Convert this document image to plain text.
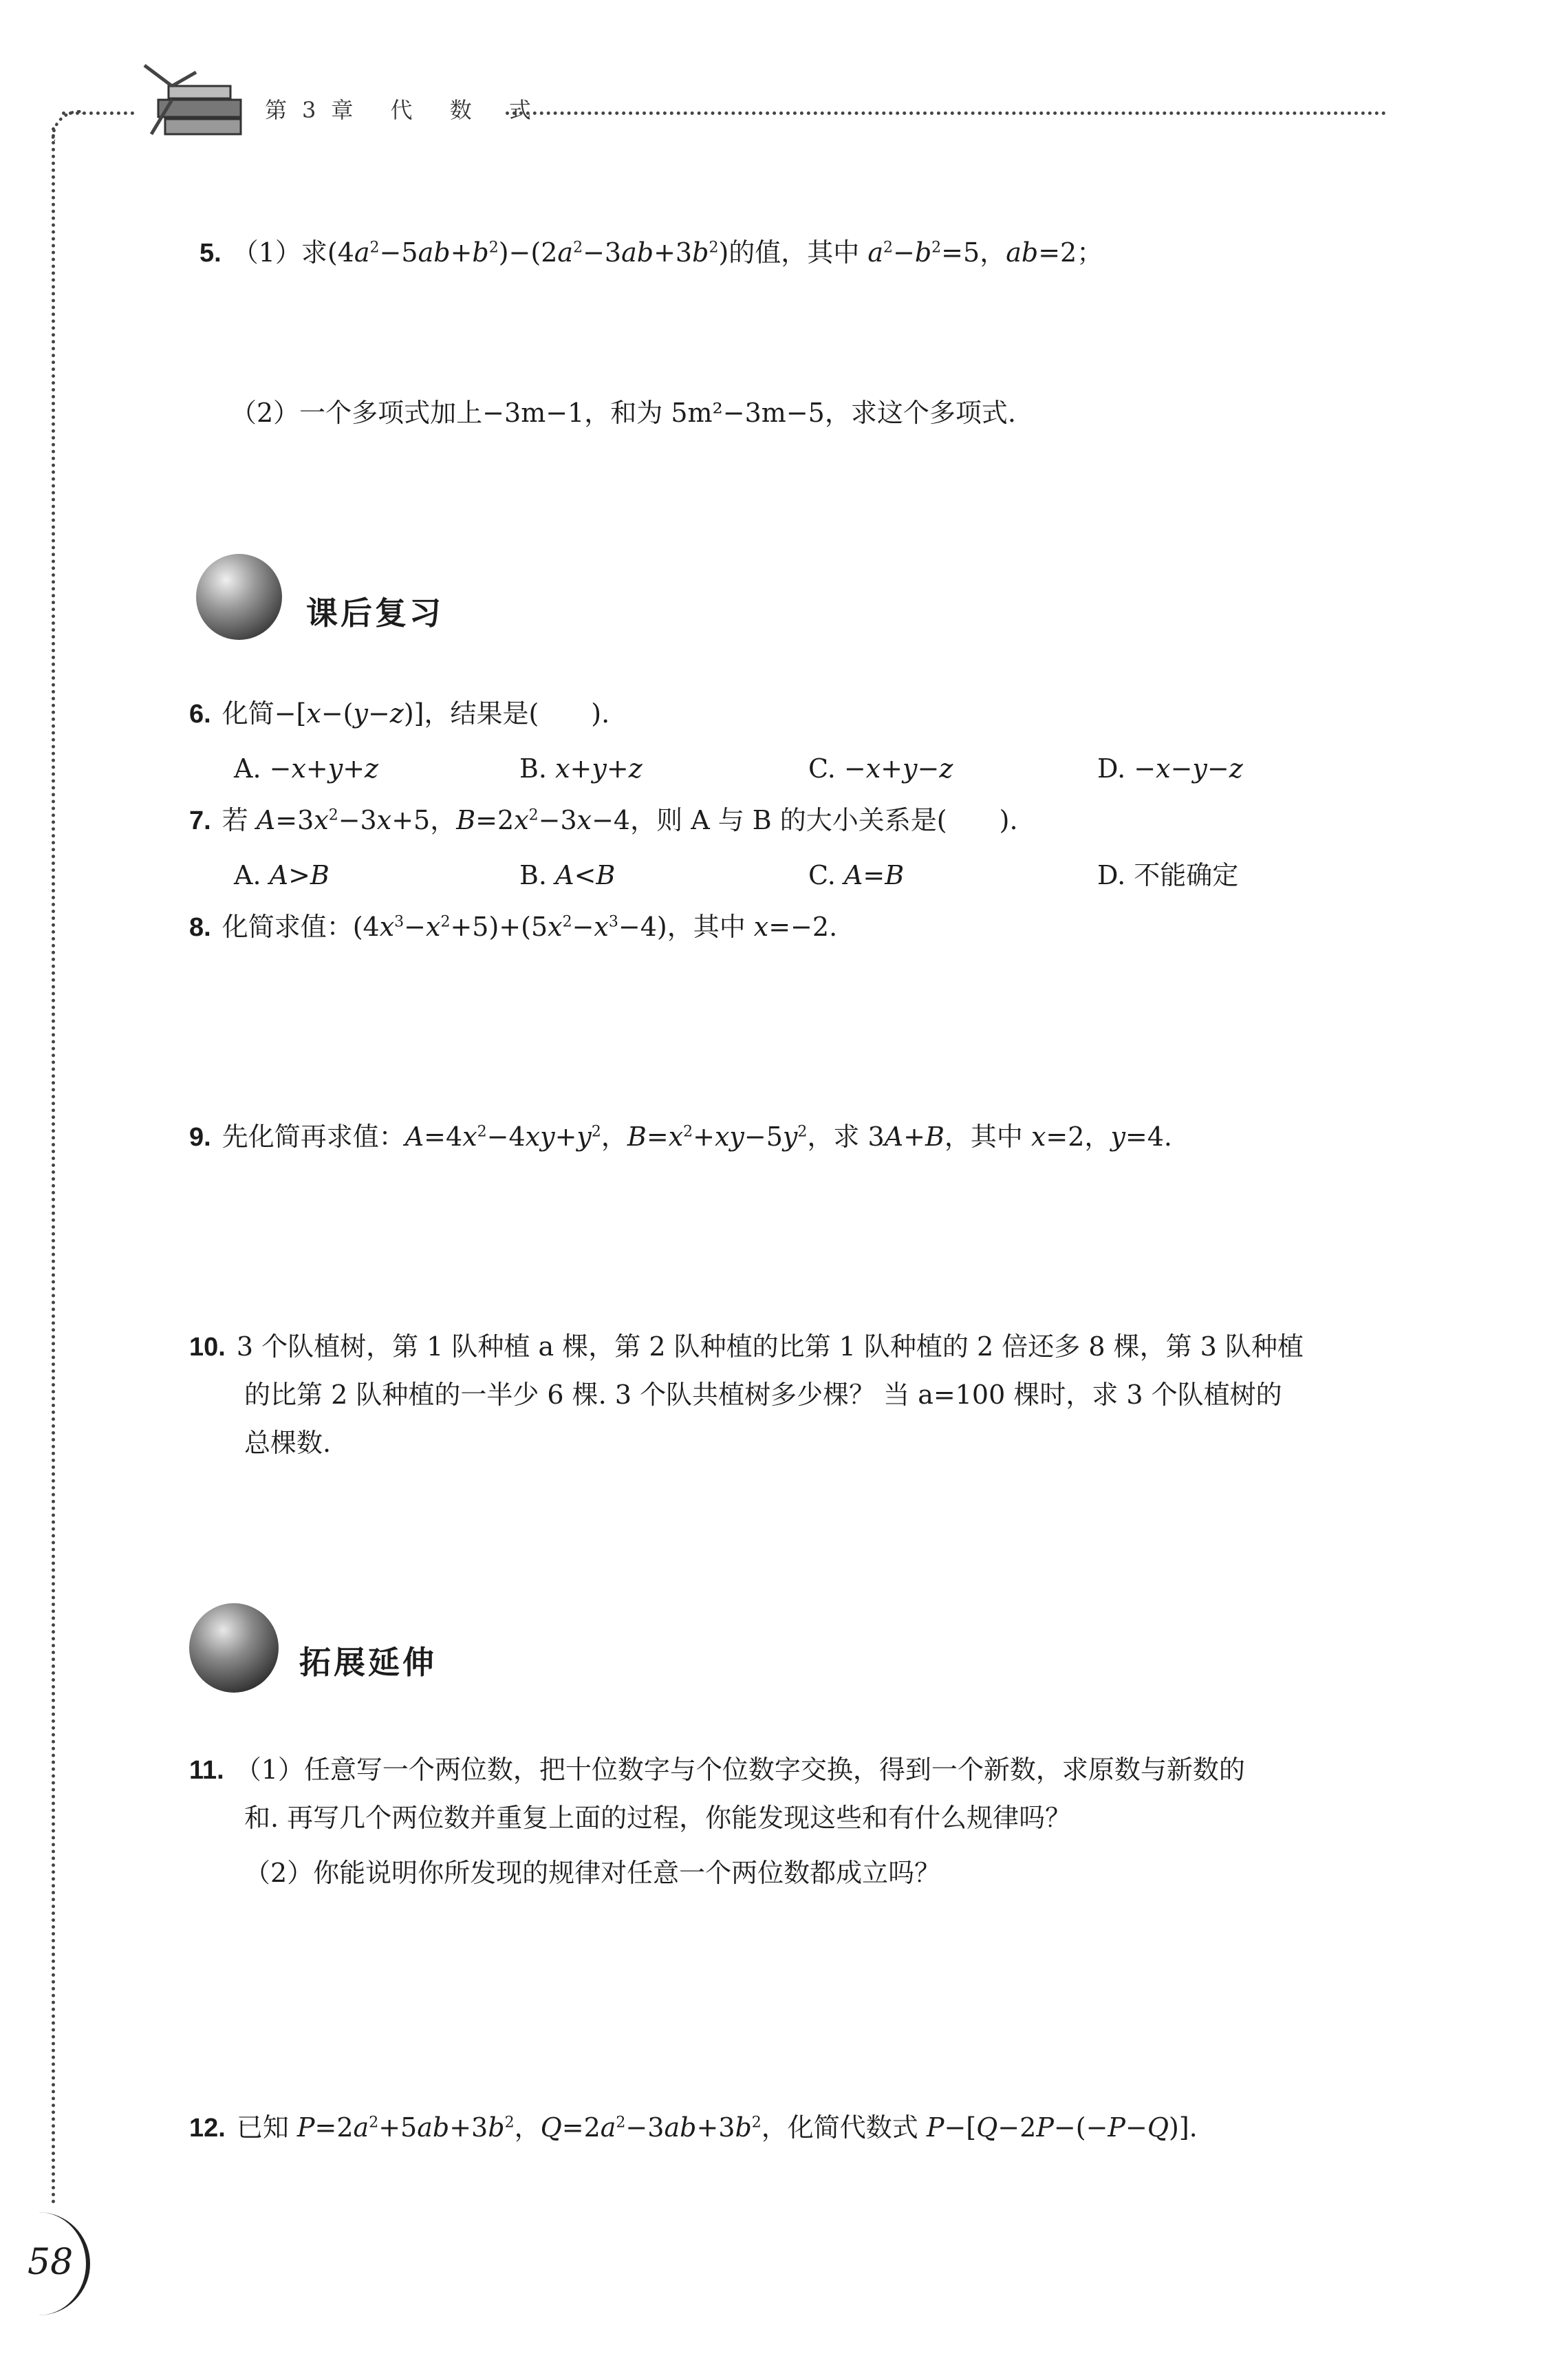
第3章 代 数 式
5. （1）求$(4a^2-5ab+b^2)-(2a^2-3ab+3b^2)$的值，其中 $a^2-b^2=5$，ab=2；
（2）一个多项式加上−3m−1，和为 5m²−3m−5，求这个多项式.
课后复习
6. 化简−[x−(y−z)]，结果是(　　).
A. −x+y+z	B. x+y+z	C. −x+y−z	D. −x−y−z
7. 若 $A=3x^2-3x+5$，$B=2x^2-3x-4$，则 A 与 B 的大小关系是(　　).
A. A>B	B. A<B	C. A=B	D. 不能确定
8. 化简求值：$(4x^3-x^2+5)+(5x^2-x^3-4)$，其中 x=−2.
9. 先化简再求值：$A=4x^2-4xy+y^2$，$B=x^2+xy-5y^2$，求 3A+B，其中 x=2，y=4.
10. 3 个队植树，第 1 队种植 a 棵，第 2 队种植的比第 1 队种植的 2 倍还多 8 棵，第 3 队种植
的比第 2 队种植的一半少 6 棵. 3 个队共植树多少棵？ 当 a=100 棵时，求 3 个队植树的
总棵数.
拓展延伸
11. （1）任意写一个两位数，把十位数字与个位数字交换，得到一个新数，求原数与新数的
和. 再写几个两位数并重复上面的过程，你能发现这些和有什么规律吗？
（2）你能说明你所发现的规律对任意一个两位数都成立吗？
12. 已知 $P=2a^2+5ab+3b^2$，$Q=2a^2-3ab+3b^2$，化简代数式 P−[Q−2P−(−P−Q)].
58
